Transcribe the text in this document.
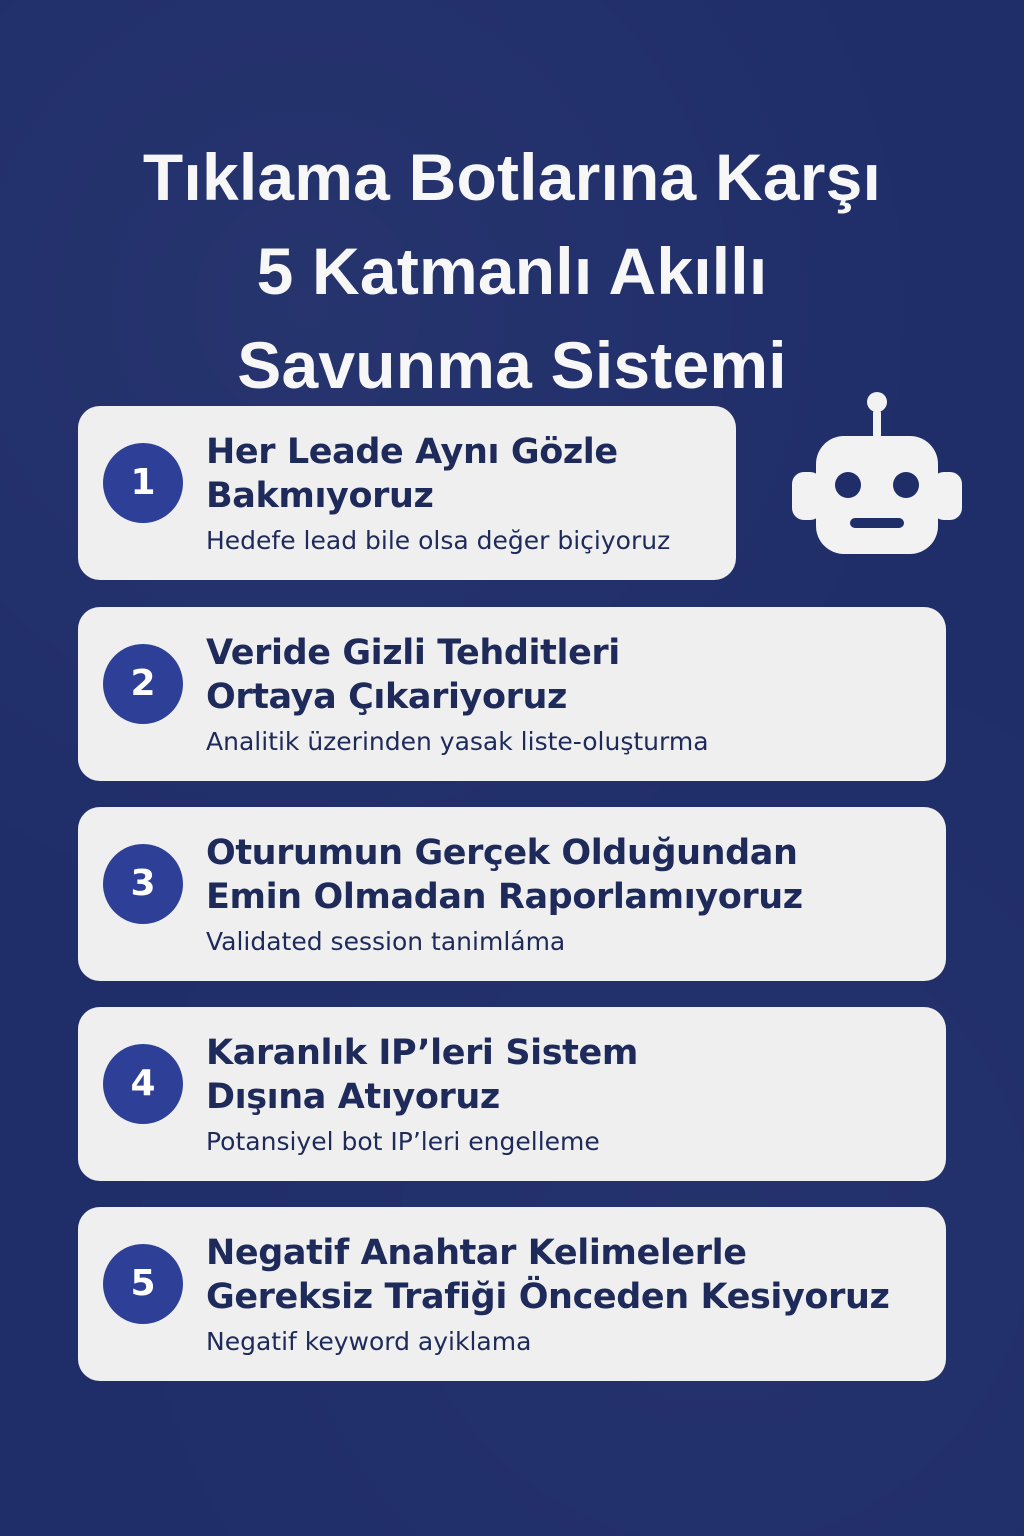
Tıklama Botlarına Karşı
5 Katmanlı Akıllı
Savunma Sistemi
1
Her Leade Aynı Gözle
Bakmıyoruz
Hedefe lead bile olsa değer biçiyoruz
2
Veride Gizli Tehditleri
Ortaya Çıkariyoruz
Analitik üzerinden yasak liste-oluşturma
3
Oturumun Gerçek Olduğundan
Emin Olmadan Raporlamıyoruz
Validated session tanimláma
4
Karanlık IP’leri Sistem
Dışına Atıyoruz
Potansiyel bot IP’leri engelleme
5
Negatif Anahtar Kelimelerle
Gereksiz Trafiği Önceden Kesiyoruz
Negatif keyword ayiklama
